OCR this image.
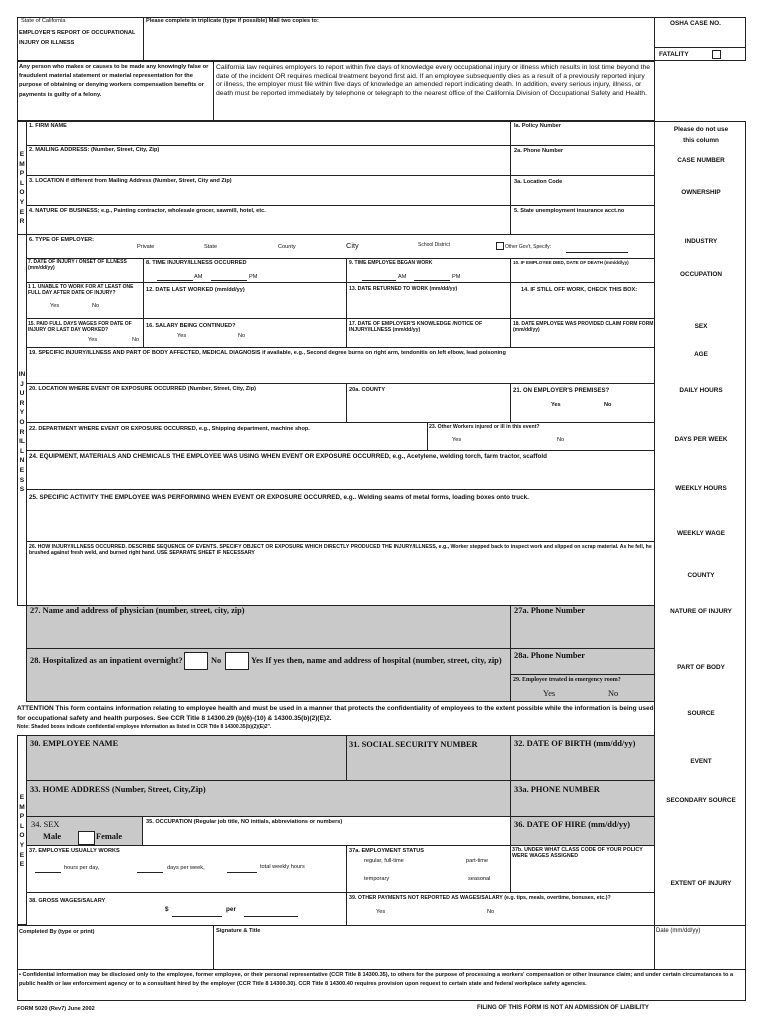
State of California
EMPLOYER'S REPORT OF OCCUPATIONAL INJURY OR ILLNESS
Please complete in triplicate (type if possible) Mail two copies to:	OSHA CASE NO.
FATALITY
Any person who makes or causes to be made any knowingly false or fraudulent material statement or material representation for the purpose of obtaining or denying workers compensation benefits or payments is guilty of a felony.
California law requires employers to report within five days of knowledge every occupational injury or illness which results in lost time beyond the date of the incident OR requires medical treatment beyond first aid. If an employee subsequently dies as a result of a previously reported injury or illness, the employer must file within five days of knowledge an amended report indicating death. In addition, every serious injury, illness, or death must be reported immediately by telephone or telegraph to the nearest office of the California Division of Occupational Safety and Health.
Please do not use this column
CASE NUMBER
OWNERSHIP
INDUSTRY
OCCUPATION
SEX
AGE
DAILY HOURS
DAYS PER WEEK
WEEKLY HOURS
WEEKLY WAGE
COUNTY
NATURE OF INJURY
PART OF BODY
SOURCE
EVENT
SECONDARY SOURCE
EXTENT OF INJURY
EMPLOYER
1. FIRM NAME	Ia. Policy Number
2. MAILING ADDRESS: (Number, Street, City, Zip)	2a. Phone Number
3. LOCATION if different from Mailing Address (Number, Street, City and Zip)	3a. Location Code
4. NATURE OF BUSINESS; e.g., Painting contractor, wholesale grocer, sawmill, hotel, etc.	5. State unemployment insurance acct.no
6. TYPE OF EMPLOYER:
Private	State	County	City	School District	Other Gov't, Specify:
INJURY OR ILLNESS
7. DATE OF INJURY / ONSET OF ILLNESS (mm/dd/yy)
8. TIME INJURY/ILLNESS OCCURRED
AM	PM
9. TIME EMPLOYEE BEGAN WORK
AM	PM
10. IF EMPLOYEE DIED, DATE OF DEATH (mm/dd/yy)
1 1. UNABLE TO WORK FOR AT LEAST ONE FULL DAY AFTER DATE OF INJURY?
Yes	No
12. DATE LAST WORKED (mm/dd/yy)	13. DATE RETURNED TO WORK (mm/dd/yy)	14. IF STILL OFF WORK, CHECK THIS BOX:
15. PAID FULL DAYS WAGES FOR DATE OF INJURY OR LAST DAY WORKED?
Yes	No
16. SALARY BEING CONTINUED?
Yes	No
17. DATE OF EMPLOYER'S KNOWLEDGE /NOTICE OF INJURY/ILLNESS (mm/dd/yy)
18. DATE EMPLOYEE WAS PROVIDED CLAIM FORM FORM (mm/dd/yy)
19. SPECIFIC INJURY/ILLNESS AND PART OF BODY AFFECTED, MEDICAL DIAGNOSIS if available, e.g., Second degree burns on right arm, tendonitis on left elbow, lead poisoning
20. LOCATION WHERE EVENT OR EXPOSURE OCCURRED (Number, Street, City, Zip)	20a. COUNTY	21. ON EMPLOYER'S PREMISES?
Yes	No
22. DEPARTMENT WHERE EVENT OR EXPOSURE OCCURRED, e.g., Shipping department, machine shop.	23. Other Workers injured or ill in this event?
Yes	No
24. EQUIPMENT, MATERIALS AND CHEMICALS THE EMPLOYEE WAS USING WHEN EVENT OR EXPOSURE OCCURRED, e.g., Acetylene, welding torch, farm tractor, scaffold
25. SPECIFIC ACTIVITY THE EMPLOYEE WAS PERFORMING WHEN EVENT OR EXPOSURE OCCURRED, e.g.. Welding seams of metal forms, loading boxes onto truck.
26. HOW INJURY/ILLNESS OCCURRED. DESCRIBE SEQUENCE OF EVENTS. SPECIFY OBJECT OR EXPOSURE WHICH DIRECTLY PRODUCED THE INJURY/ILLNESS, e.g., Worker stepped back to inspect work and slipped on scrap material. As he fell, he brushed against fresh weld, and burned right hand. USE SEPARATE SHEET IF NECESSARY
27. Name and address of physician (number, street, city, zip)	27a. Phone Number
28. Hospitalized as an inpatient overnight?	No	Yes If yes then, name and address of hospital (number, street, city, zip)
28a. Phone Number
29. Employee treated in emergency room?
Yes	No
ATTENTION This form contains information relating to employee health and must be used in a manner that protects the confidentiality of employees to the extent possible while the information is being used for occupational safety and health purposes. See CCR Title 8 14300.29 (b)(6)-(10) & 14300.35(b)(2)(E)2.
Note: Shaded boxes indicate confidential employee information as listed in CCR Title 8 14300.35(b)(2)(E)2".
EMPLOYEE
30. EMPLOYEE NAME	31. SOCIAL SECURITY NUMBER	32. DATE OF BIRTH (mm/dd/yy)
33. HOME ADDRESS (Number, Street, City,Zip)	33a. PHONE NUMBER
34. SEX
Male	Female
35. OCCUPATION (Regular job title, NO initials, abbreviations or numbers)	36. DATE OF HIRE (mm/dd/yy)
37. EMPLOYEE USUALLY WORKS
hours per day,	days per week,	total weekly hours
37a. EMPLOYMENT STATUS
regular, full-time	part-time
temporary	seasonal
37b. UNDER WHAT CLASS CODE OF YOUR POLICY WERE WAGES ASSIGNED
38. GROSS WAGES/SALARY
$	per
39. OTHER PAYMENTS NOT REPORTED AS WAGES/SALARY (e.g. tips, meals, overtime, bonuses, etc.)?
Yes	No
Completed By (type or print)	Signature & Title	Date (mm/dd/yy)
• Confidential information may be disclosed only to the employee, former employee, or their personal representative (CCR Title 8 14300.35), to others for the purpose of processing a workers' compensation or other insurance claim; and under certain circumstances to a public health or law enforcement agency or to a consultant hired by the employer (CCR Title 8 14300.30). CCR Title 8 14300.40 requires provision upon request to certain state and federal workplace safety agencies.
FORM 5020 (Rev7) June 2002	FILING OF THIS FORM IS NOT AN ADMISSION OF LIABILITY
